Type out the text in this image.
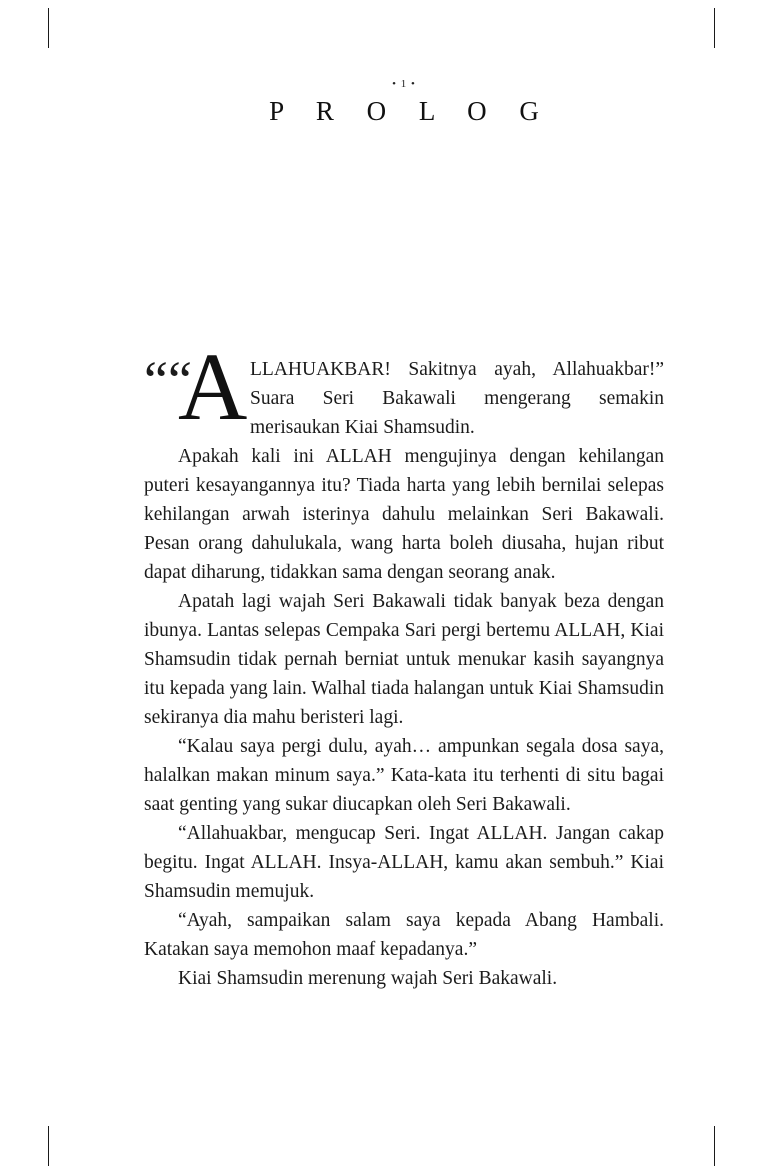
• 1 •
P R O L O G

““
A LLAHUAKBAR! Sakitnya ayah, Allahuakbar!” Suara Seri Bakawali mengerang semakin merisaukan Kiai Shamsudin.

Apakah kali ini ALLAH mengujinya dengan kehilangan puteri kesayangannya itu? Tiada harta yang lebih bernilai selepas kehilangan arwah isterinya dahulu melainkan Seri Bakawali. Pesan orang dahulukala, wang harta boleh diusaha, hujan ribut dapat diharung, tidakkan sama dengan seorang anak.

Apatah lagi wajah Seri Bakawali tidak banyak beza dengan ibunya. Lantas selepas Cempaka Sari pergi bertemu ALLAH, Kiai Shamsudin tidak pernah berniat untuk menukar kasih sayangnya itu kepada yang lain. Walhal tiada halangan untuk Kiai Shamsudin sekiranya dia mahu beristeri lagi.

“Kalau saya pergi dulu, ayah… ampunkan segala dosa saya, halalkan makan minum saya.” Kata-kata itu terhenti di situ bagai saat genting yang sukar diucapkan oleh Seri Bakawali.

“Allahuakbar, mengucap Seri. Ingat ALLAH. Jangan cakap begitu. Ingat ALLAH. Insya-ALLAH, kamu akan sembuh.” Kiai Shamsudin memujuk.

“Ayah, sampaikan salam saya kepada Abang Hambali. Katakan saya memohon maaf kepadanya.”

Kiai Shamsudin merenung wajah Seri Bakawali.
